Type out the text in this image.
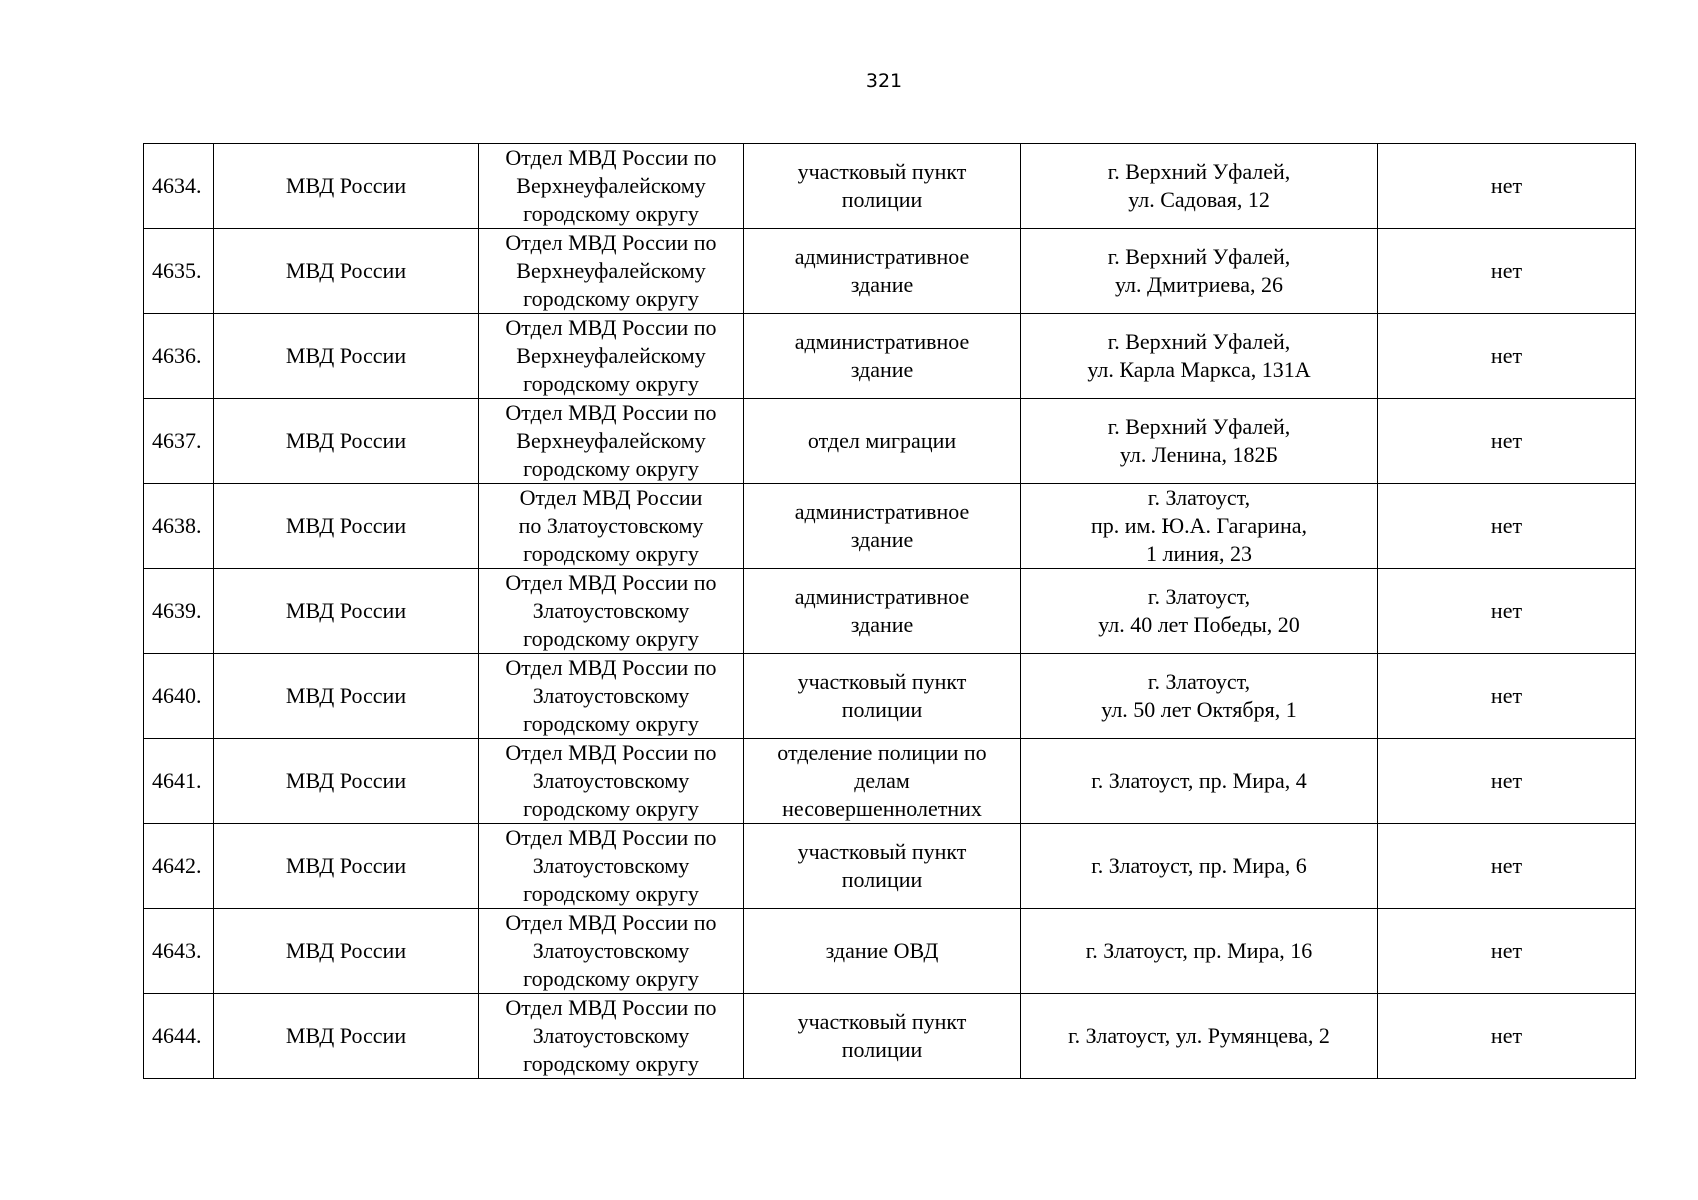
321
4634.	МВД России	Отдел МВД России по
Верхнеуфалейскому
городскому округу	участковый пункт
полиции	г. Верхний Уфалей,
ул. Садовая, 12	нет
4635.	МВД России	Отдел МВД России по
Верхнеуфалейскому
городскому округу	административное
здание	г. Верхний Уфалей,
ул. Дмитриева, 26	нет
4636.	МВД России	Отдел МВД России по
Верхнеуфалейскому
городскому округу	административное
здание	г. Верхний Уфалей,
ул. Карла Маркса, 131А	нет
4637.	МВД России	Отдел МВД России по
Верхнеуфалейскому
городскому округу	отдел миграции	г. Верхний Уфалей,
ул. Ленина, 182Б	нет
4638.	МВД России	Отдел МВД России
по Златоустовскому
городскому округу	административное
здание	г. Златоуст,
пр. им. Ю.А. Гагарина,
1 линия, 23	нет
4639.	МВД России	Отдел МВД России по
Златоустовскому
городскому округу	административное
здание	г. Златоуст,
ул. 40 лет Победы, 20	нет
4640.	МВД России	Отдел МВД России по
Златоустовскому
городскому округу	участковый пункт
полиции	г. Златоуст,
ул. 50 лет Октября, 1	нет
4641.	МВД России	Отдел МВД России по
Златоустовскому
городскому округу	отделение полиции по
делам
несовершеннолетних	г. Златоуст, пр. Мира, 4	нет
4642.	МВД России	Отдел МВД России по
Златоустовскому
городскому округу	участковый пункт
полиции	г. Златоуст, пр. Мира, 6	нет
4643.	МВД России	Отдел МВД России по
Златоустовскому
городскому округу	здание ОВД	г. Златоуст, пр. Мира, 16	нет
4644.	МВД России	Отдел МВД России по
Златоустовскому
городскому округу	участковый пункт
полиции	г. Златоуст, ул. Румянцева, 2	нет
